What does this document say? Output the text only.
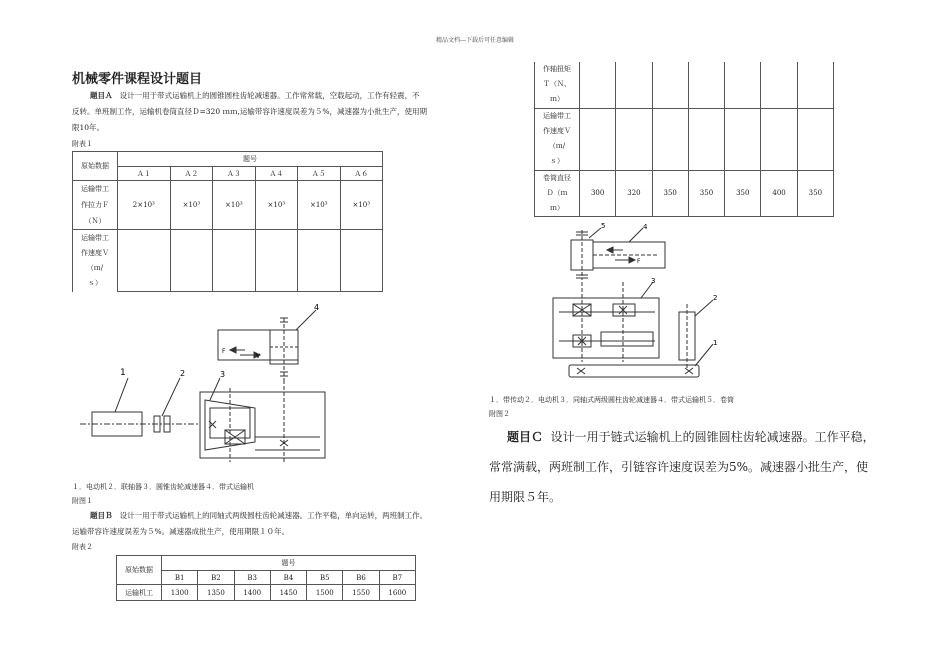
精品文档---下载后可任意编辑
机械零件课程设计题目
题目Ａ 设计一用于带式运输机上的圆锥圆柱齿轮减速器。工作常常载，空载起动，工作有轻震，不
反转。单班制工作，运输机卷筒直径Ｄ=320 ｍｍ,运输带容许速度误差为５%，减速器为小批生产，使用期
限10年。
附表１
原始数据	题号					
	Ａ１	Ａ２	Ａ３	Ａ４	Ａ５	Ａ６

运输带工
作拉力Ｆ
（Ｎ）	2×10³	×10³	×10³	×10³	×10³	×10³

运输带工
作速度Ｖ
（ｍ/
ｓ）						

1	2	3
4
F
V
１．电动机２．联轴器３．圆锥齿轮减速器４．带式运输机
附图１
题目Ｂ 设计一用于带式运输机上的同轴式两级圆柱齿轮减速器。工作平稳，单向运转，两班制工作。
运输带容许速度误差为５%。减速器成批生产，使用期限１０年。
附表２
原始数据	题号						
	B1	B2	B3	B4	B5	B6	B7
运输机工	1300	1350	1400	1450	1500	1550	1600
作轴扭矩
Ｔ（Ｎ、
ｍ）							

运输带工
作速度Ｖ
（ｍ/
ｓ）							

卷筒直径
Ｄ（ｍ
ｍ）	300	320	350	350	350	400	350
5	4
3
2
1
F
１．带传动２．电动机３．同轴式两级圆柱齿轮减速器４．带式运输机５．卷筒
附图２
题目Ｃ 设计一用于链式运输机上的圆锥圆柱齿轮减速器。工作平稳，
常常满载，两班制工作，引链容许速度误差为5%。减速器小批生产，使
用期限５年。
